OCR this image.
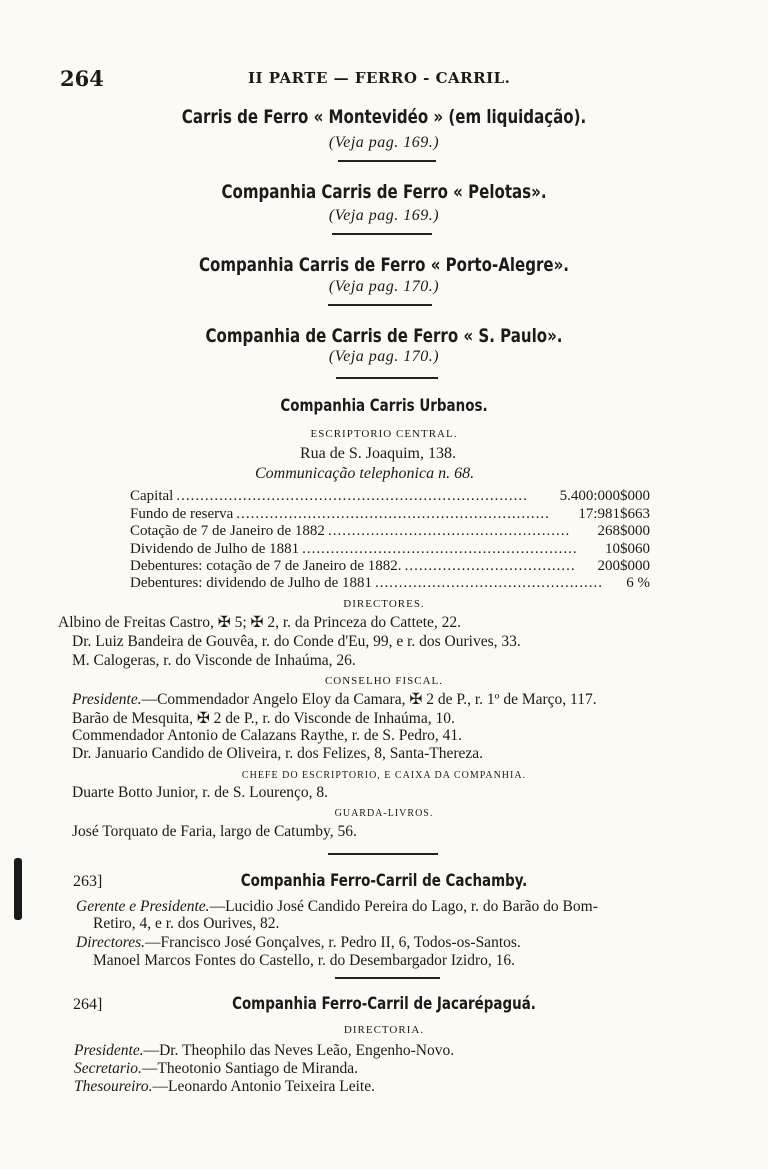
264	II PARTE — FERRO - CARRIL.
Carris de Ferro « Montevidéo » (em liquidação).
(Veja pag. 169.)
Companhia Carris de Ferro « Pelotas».
(Veja pag. 169.)
Companhia Carris de Ferro « Porto-Alegre».
(Veja pag. 170.)
Companhia de Carris de Ferro « S. Paulo».
(Veja pag. 170.)
Companhia Carris Urbanos.
ESCRIPTORIO CENTRAL.
Rua de S. Joaquim, 138.
Communicação telephonica n. 68.
Capital	5.400:000$000
..........................................................................
Fundo de reserva	17:981$663
..................................................................
Cotação de 7 de Janeiro de 1882	268$000
...................................................
Dividendo de Julho de 1881	10$060
..........................................................
Debentures: cotação de 7 de Janeiro de 1882.	200$000
....................................
Debentures: dividendo de Julho de 1881	6 %
................................................
DIRECTORES.
Albino de Freitas Castro, ✠ 5; ✠ 2, r. da Princeza do Cattete, 22.
Dr. Luiz Bandeira de Gouvêa, r. do Conde d'Eu, 99, e r. dos Ourives, 33.
M. Calogeras, r. do Visconde de Inhaúma, 26.
CONSELHO FISCAL.
Presidente.—Commendador Angelo Eloy da Camara, ✠ 2 de P., r. 1º de Março, 117.
Barão de Mesquita, ✠ 2 de P., r. do Visconde de Inhaúma, 10.
Commendador Antonio de Calazans Raythe, r. de S. Pedro, 41.
Dr. Januario Candido de Oliveira, r. dos Felizes, 8, Santa-Thereza.
CHEFE DO ESCRIPTORIO, E CAIXA DA COMPANHIA.
Duarte Botto Junior, r. de S. Lourenço, 8.
GUARDA-LIVROS.
José Torquato de Faria, largo de Catumby, 56.
263]	Companhia Ferro-Carril de Cachamby.
Gerente e Presidente.—Lucidio José Candido Pereira do Lago, r. do Barão do Bom-
Retiro, 4, e r. dos Ourives, 82.
Directores.—Francisco José Gonçalves, r. Pedro II, 6, Todos-os-Santos.
Manoel Marcos Fontes do Castello, r. do Desembargador Izidro, 16.
264]	Companhia Ferro-Carril de Jacarépaguá.
DIRECTORIA.
Presidente.—Dr. Theophilo das Neves Leão, Engenho-Novo.
Secretario.—Theotonio Santiago de Miranda.
Thesoureiro.—Leonardo Antonio Teixeira Leite.
